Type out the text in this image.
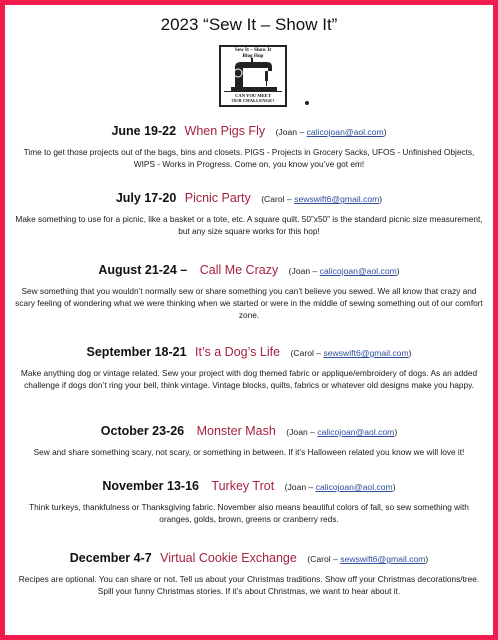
2023 “Sew It – Show It”
Sew It – Show It
Blog Hop
CAN YOU MEET
OUR CHALLENGE?
June 19-22 When Pigs Fly (Joan – calicojoan@aol.com)
Time to get those projects out of the bags, bins and closets. PIGS - Projects in Grocery Sacks, UFOS - Unfinished Objects, WIPS - Works in Progress. Come on, you know you’ve got em!
July 17-20 Picnic Party (Carol – sewswift6@gmail.com)
Make something to use for a picnic, like a basket or a tote, etc. A square quilt. 50”x50” is the standard picnic size measurement, but any size square works for this hop!
August 21-24 – Call Me Crazy (Joan – calicojoan@aol.com)
Sew something that you wouldn’t normally sew or share something you can’t believe you sewed. We all know that crazy and scary feeling of wondering what we were thinking when we started or were in the middle of sewing something out of our comfort zone.
September 18-21 It’s a Dog’s Life (Carol – sewswift6@gmail.com)
Make anything dog or vintage related. Sew your project with dog themed fabric or applique/embroidery of dogs. As an added challenge if dogs don’t ring your bell, think vintage. Vintage blocks, quilts, fabrics or whatever old designs make you happy.
October 23-26 Monster Mash (Joan – calicojoan@aol.com)
Sew and share something scary, not scary, or something in between. If it’s Halloween related you know we will love it!
November 13-16 Turkey Trot (Joan – calicojoan@aol.com)
Think turkeys, thankfulness or Thanksgiving fabric. November also means beautiful colors of fall, so sew something with oranges, golds, brown, greens or cranberry reds.
December 4-7 Virtual Cookie Exchange (Carol – sewswift6@gmail.com)
Recipes are optional. You can share or not. Tell us about your Christmas traditions. Show off your Christmas decorations/tree. Spill your funny Christmas stories. If it’s about Christmas, we want to hear about it.
